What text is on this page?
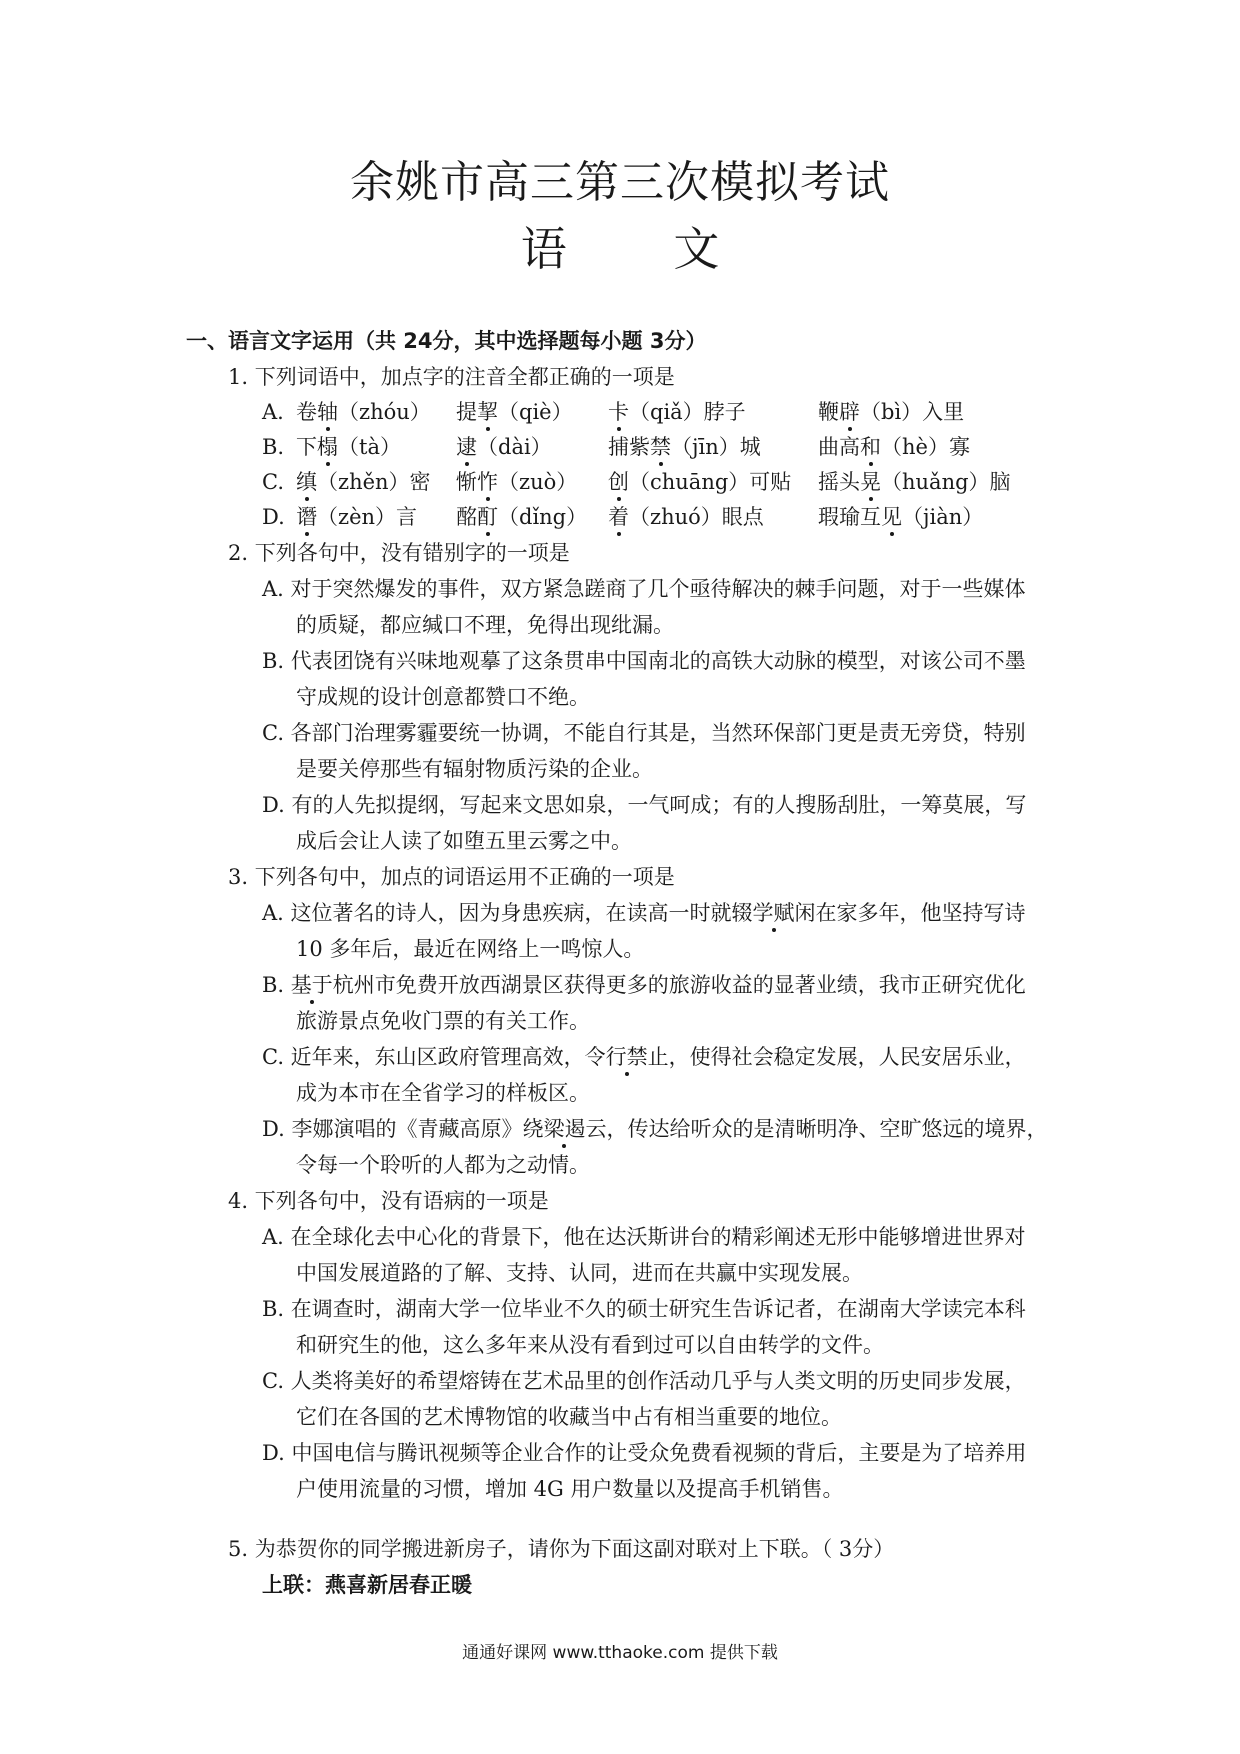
余姚市高三第三次模拟考试
语 文
一、语言文字运用（共 24分，其中选择题每小题 3分）
1. 下列词语中，加点字的注音全都正确的一项是
A. 卷轴（zhóu） 提挈（qiè） 卡（qiǎ）脖子	鞭辟（bì）入里
B. 下榻（tà）	逮（dài）	捕紫禁（jīn）城	曲高和（hè）寡
C. 缜（zhěn）密 惭怍（zuò） 创（chuāng）可贴 摇头晃（huǎng）脑
D. 谮（zèn）言 酩酊（dǐng） 着（zhuó）眼点	瑕瑜互见（jiàn）
2. 下列各句中，没有错别字的一项是
A. 对于突然爆发的事件，双方紧急蹉商了几个亟待解决的棘手问题，对于一些媒体
的质疑，都应缄口不理，免得出现纰漏。
B. 代表团饶有兴味地观摹了这条贯串中国南北的高铁大动脉的模型，对该公司不墨
守成规的设计创意都赞口不绝。
C. 各部门治理雾霾要统一协调，不能自行其是，当然环保部门更是责无旁贷，特别
是要关停那些有辐射物质污染的企业。
D. 有的人先拟提纲，写起来文思如泉，一气呵成；有的人搜肠刮肚，一筹莫展，写
成后会让人读了如堕五里云雾之中。
3. 下列各句中，加点的词语运用不正确的一项是
A. 这位著名的诗人，因为身患疾病，在读高一时就辍学赋闲在家多年，他坚持写诗
10 多年后，最近在网络上一鸣惊人。
B. 基于杭州市免费开放西湖景区获得更多的旅游收益的显著业绩，我市正研究优化
旅游景点免收门票的有关工作。
C. 近年来，东山区政府管理高效，令行禁止，使得社会稳定发展，人民安居乐业，
成为本市在全省学习的样板区。
D. 李娜演唱的《青藏高原》绕梁遏云，传达给听众的是清晰明净、空旷悠远的境界，
令每一个聆听的人都为之动情。
4. 下列各句中，没有语病的一项是
A. 在全球化去中心化的背景下，他在达沃斯讲台的精彩阐述无形中能够增进世界对
中国发展道路的了解、支持、认同，进而在共赢中实现发展。
B. 在调查时，湖南大学一位毕业不久的硕士研究生告诉记者，在湖南大学读完本科
和研究生的他，这么多年来从没有看到过可以自由转学的文件。
C. 人类将美好的希望熔铸在艺术品里的创作活动几乎与人类文明的历史同步发展，
它们在各国的艺术博物馆的收藏当中占有相当重要的地位。
D. 中国电信与腾讯视频等企业合作的让受众免费看视频的背后，主要是为了培养用
户使用流量的习惯，增加 4G 用户数量以及提高手机销售。
5. 为恭贺你的同学搬进新房子，请你为下面这副对联对上下联。（ 3分）
上联：燕喜新居春正暖
通通好课网 www.tthaoke.com 提供下载
